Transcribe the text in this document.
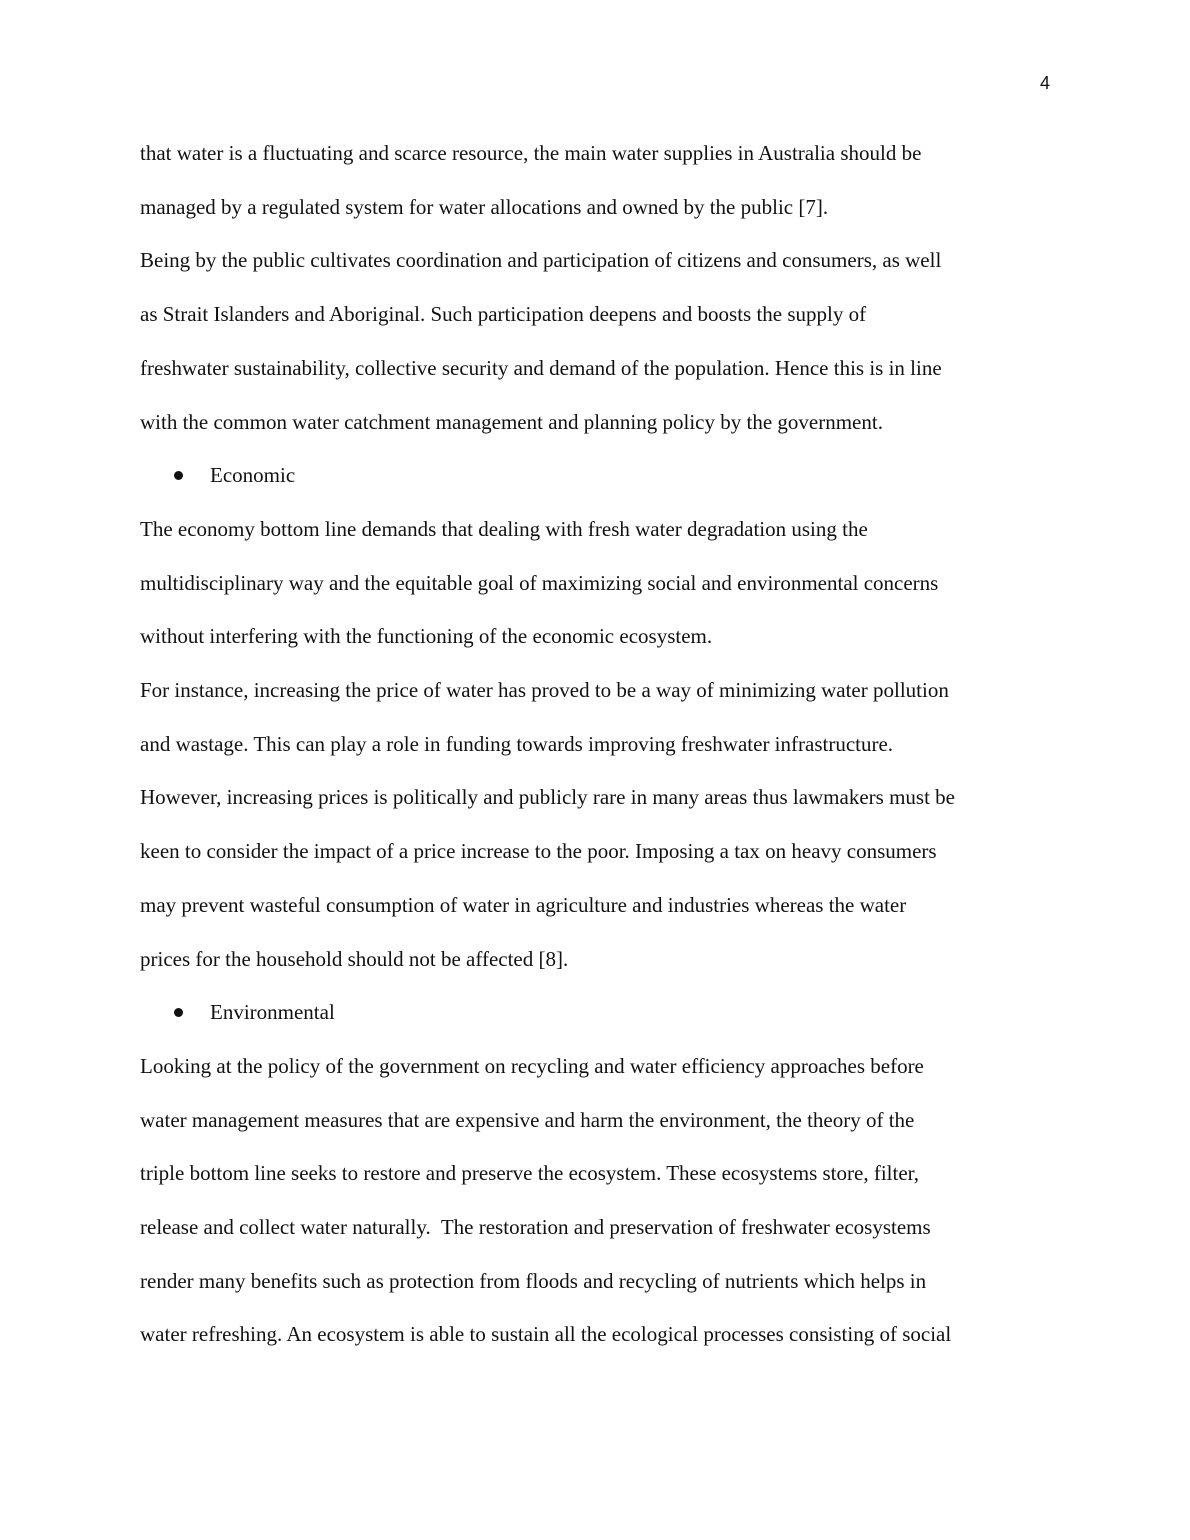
4

that water is a fluctuating and scarce resource, the main water supplies in Australia should be
managed by a regulated system for water allocations and owned by the public [7].

Being by the public cultivates coordination and participation of citizens and consumers, as well
as Strait Islanders and Aboriginal. Such participation deepens and boosts the supply of
freshwater sustainability, collective security and demand of the population. Hence this is in line
with the common water catchment management and planning policy by the government.

Economic

The economy bottom line demands that dealing with fresh water degradation using the
multidisciplinary way and the equitable goal of maximizing social and environmental concerns
without interfering with the functioning of the economic ecosystem.

For instance, increasing the price of water has proved to be a way of minimizing water pollution
and wastage. This can play a role in funding towards improving freshwater infrastructure.
However, increasing prices is politically and publicly rare in many areas thus lawmakers must be
keen to consider the impact of a price increase to the poor. Imposing a tax on heavy consumers
may prevent wasteful consumption of water in agriculture and industries whereas the water
prices for the household should not be affected [8].

Environmental

Looking at the policy of the government on recycling and water efficiency approaches before
water management measures that are expensive and harm the environment, the theory of the
triple bottom line seeks to restore and preserve the ecosystem. These ecosystems store, filter,
release and collect water naturally.  The restoration and preservation of freshwater ecosystems
render many benefits such as protection from floods and recycling of nutrients which helps in
water refreshing. An ecosystem is able to sustain all the ecological processes consisting of social
